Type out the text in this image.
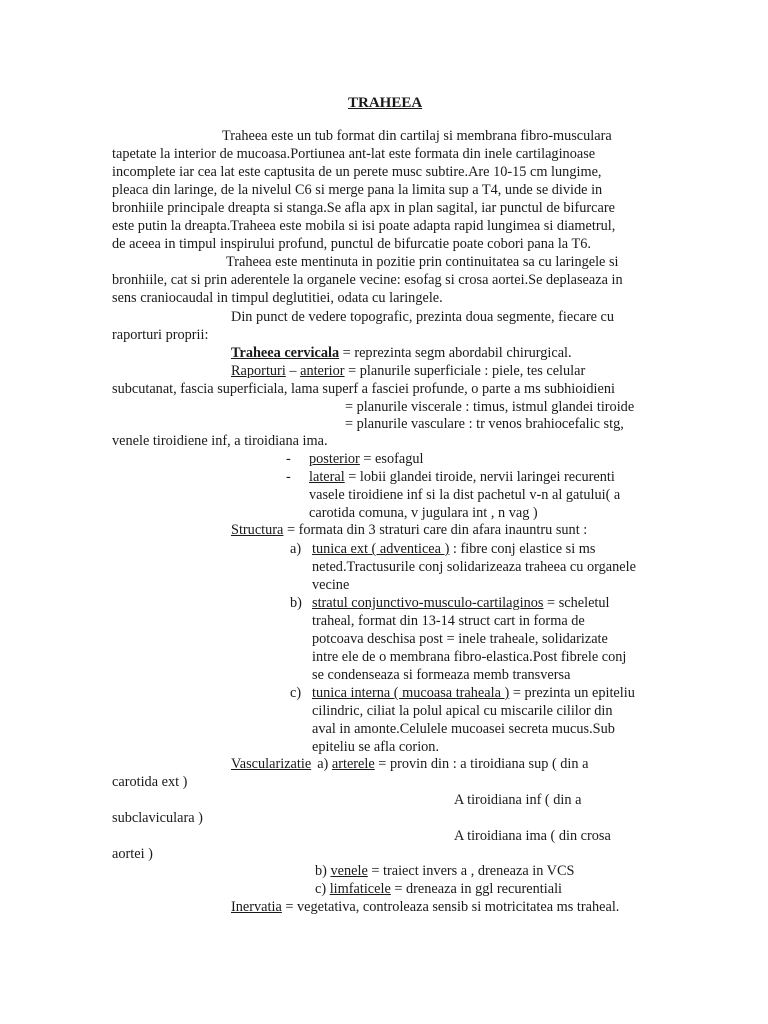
TRAHEEA
Traheea este un tub format din cartilaj si membrana fibro-musculara
tapetate la interior de mucoasa.Portiunea ant-lat este formata din inele cartilaginoase
incomplete iar cea lat este captusita de un perete musc subtire.Are 10-15 cm lungime,
pleaca din laringe, de la nivelul C6 si merge pana la limita sup a T4, unde se divide in
bronhiile principale dreapta si stanga.Se afla apx in plan sagital, iar punctul de bifurcare
este putin la dreapta.Traheea este mobila si isi poate adapta rapid lungimea si diametrul,
de aceea in timpul inspirului profund, punctul de bifurcatie poate cobori pana la T6.
Traheea este mentinuta in pozitie prin continuitatea sa cu laringele si
bronhiile, cat si prin aderentele la organele vecine: esofag si crosa aortei.Se deplaseaza in
sens craniocaudal in timpul deglutitiei, odata cu laringele.
Din punct de vedere topografic, prezinta doua segmente, fiecare cu
raporturi proprii:
Traheea cervicala = reprezinta segm abordabil chirurgical.
Raporturi – anterior = planurile superficiale : piele, tes celular
subcutanat, fascia superficiala, lama superf a fasciei profunde, o parte a ms subhioidieni
= planurile viscerale : timus, istmul glandei tiroide
= planurile vasculare : tr venos brahiocefalic stg,
venele tiroidiene inf, a tiroidiana ima.
- posterior = esofagul
- lateral = lobii glandei tiroide, nervii laringei recurenti
vasele tiroidiene inf si la dist pachetul v-n al gatului( a
carotida comuna, v jugulara int , n vag )
Structura = formata din 3 straturi care din afara inauntru sunt :
a) tunica ext ( adventicea ) : fibre conj elastice si ms
neted.Tractusurile conj solidarizeaza traheea cu organele
vecine
b) stratul conjunctivo-musculo-cartilaginos = scheletul
traheal, format din 13-14 struct cart in forma de
potcoava deschisa post = inele traheale, solidarizate
intre ele de o membrana fibro-elastica.Post fibrele conj
se condenseaza si formeaza memb transversa
c) tunica interna ( mucoasa traheala ) = prezinta un epiteliu
cilindric, ciliat la polul apical cu miscarile cililor din
aval in amonte.Celulele mucoasei secreta mucus.Sub
epiteliu se afla corion.
Vascularizatie a) arterele = provin din : a tiroidiana sup ( din a
carotida ext )
A tiroidiana inf ( din a
subclaviculara )
A tiroidiana ima ( din crosa
aortei )
b) venele = traiect invers a , dreneaza in VCS
c) limfaticele = dreneaza in ggl recurentiali
Inervatia = vegetativa, controleaza sensib si motricitatea ms traheal.
